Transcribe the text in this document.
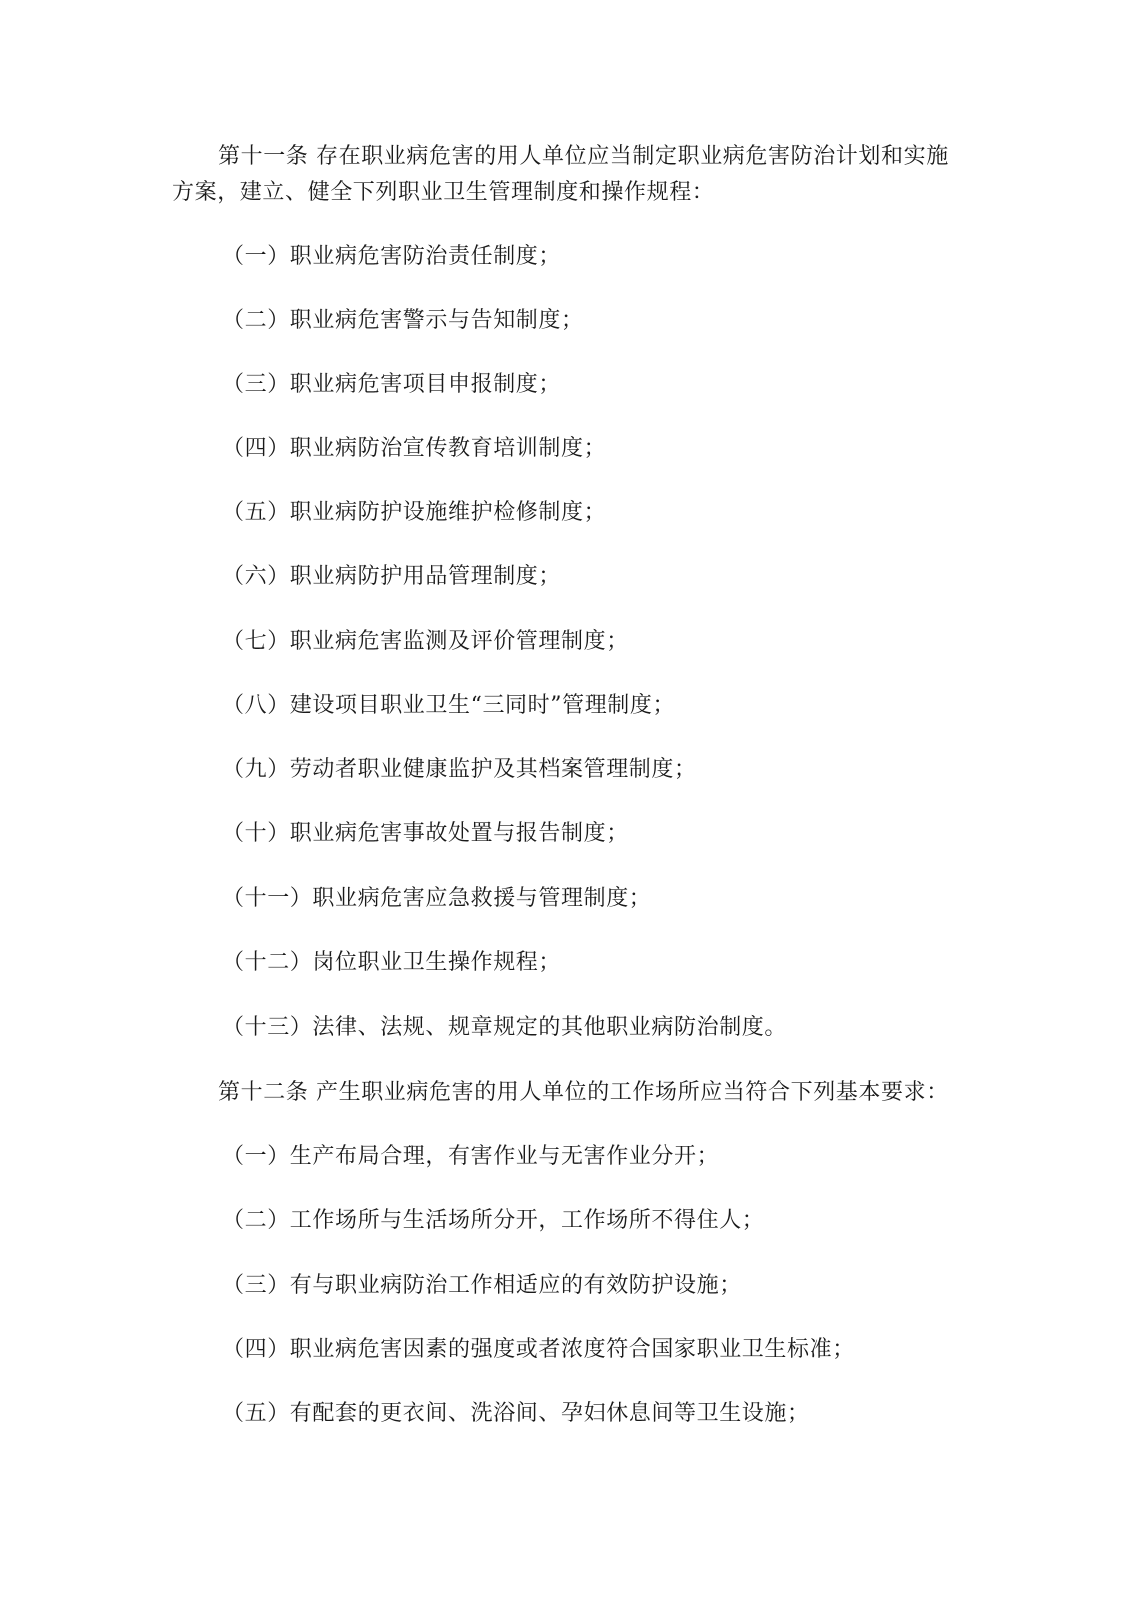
第十一条 存在职业病危害的用人单位应当制定职业病危害防治计划和实施
方案，建立、健全下列职业卫生管理制度和操作规程：
（一）职业病危害防治责任制度；
（二）职业病危害警示与告知制度；
（三）职业病危害项目申报制度；
（四）职业病防治宣传教育培训制度；
（五）职业病防护设施维护检修制度；
（六）职业病防护用品管理制度；
（七）职业病危害监测及评价管理制度；
（八）建设项目职业卫生“三同时”管理制度；
（九）劳动者职业健康监护及其档案管理制度；
（十）职业病危害事故处置与报告制度；
（十一）职业病危害应急救援与管理制度；
（十二）岗位职业卫生操作规程；
（十三）法律、法规、规章规定的其他职业病防治制度。
第十二条 产生职业病危害的用人单位的工作场所应当符合下列基本要求：
（一）生产布局合理，有害作业与无害作业分开；
（二）工作场所与生活场所分开，工作场所不得住人；
（三）有与职业病防治工作相适应的有效防护设施；
（四）职业病危害因素的强度或者浓度符合国家职业卫生标准；
（五）有配套的更衣间、洗浴间、孕妇休息间等卫生设施；
